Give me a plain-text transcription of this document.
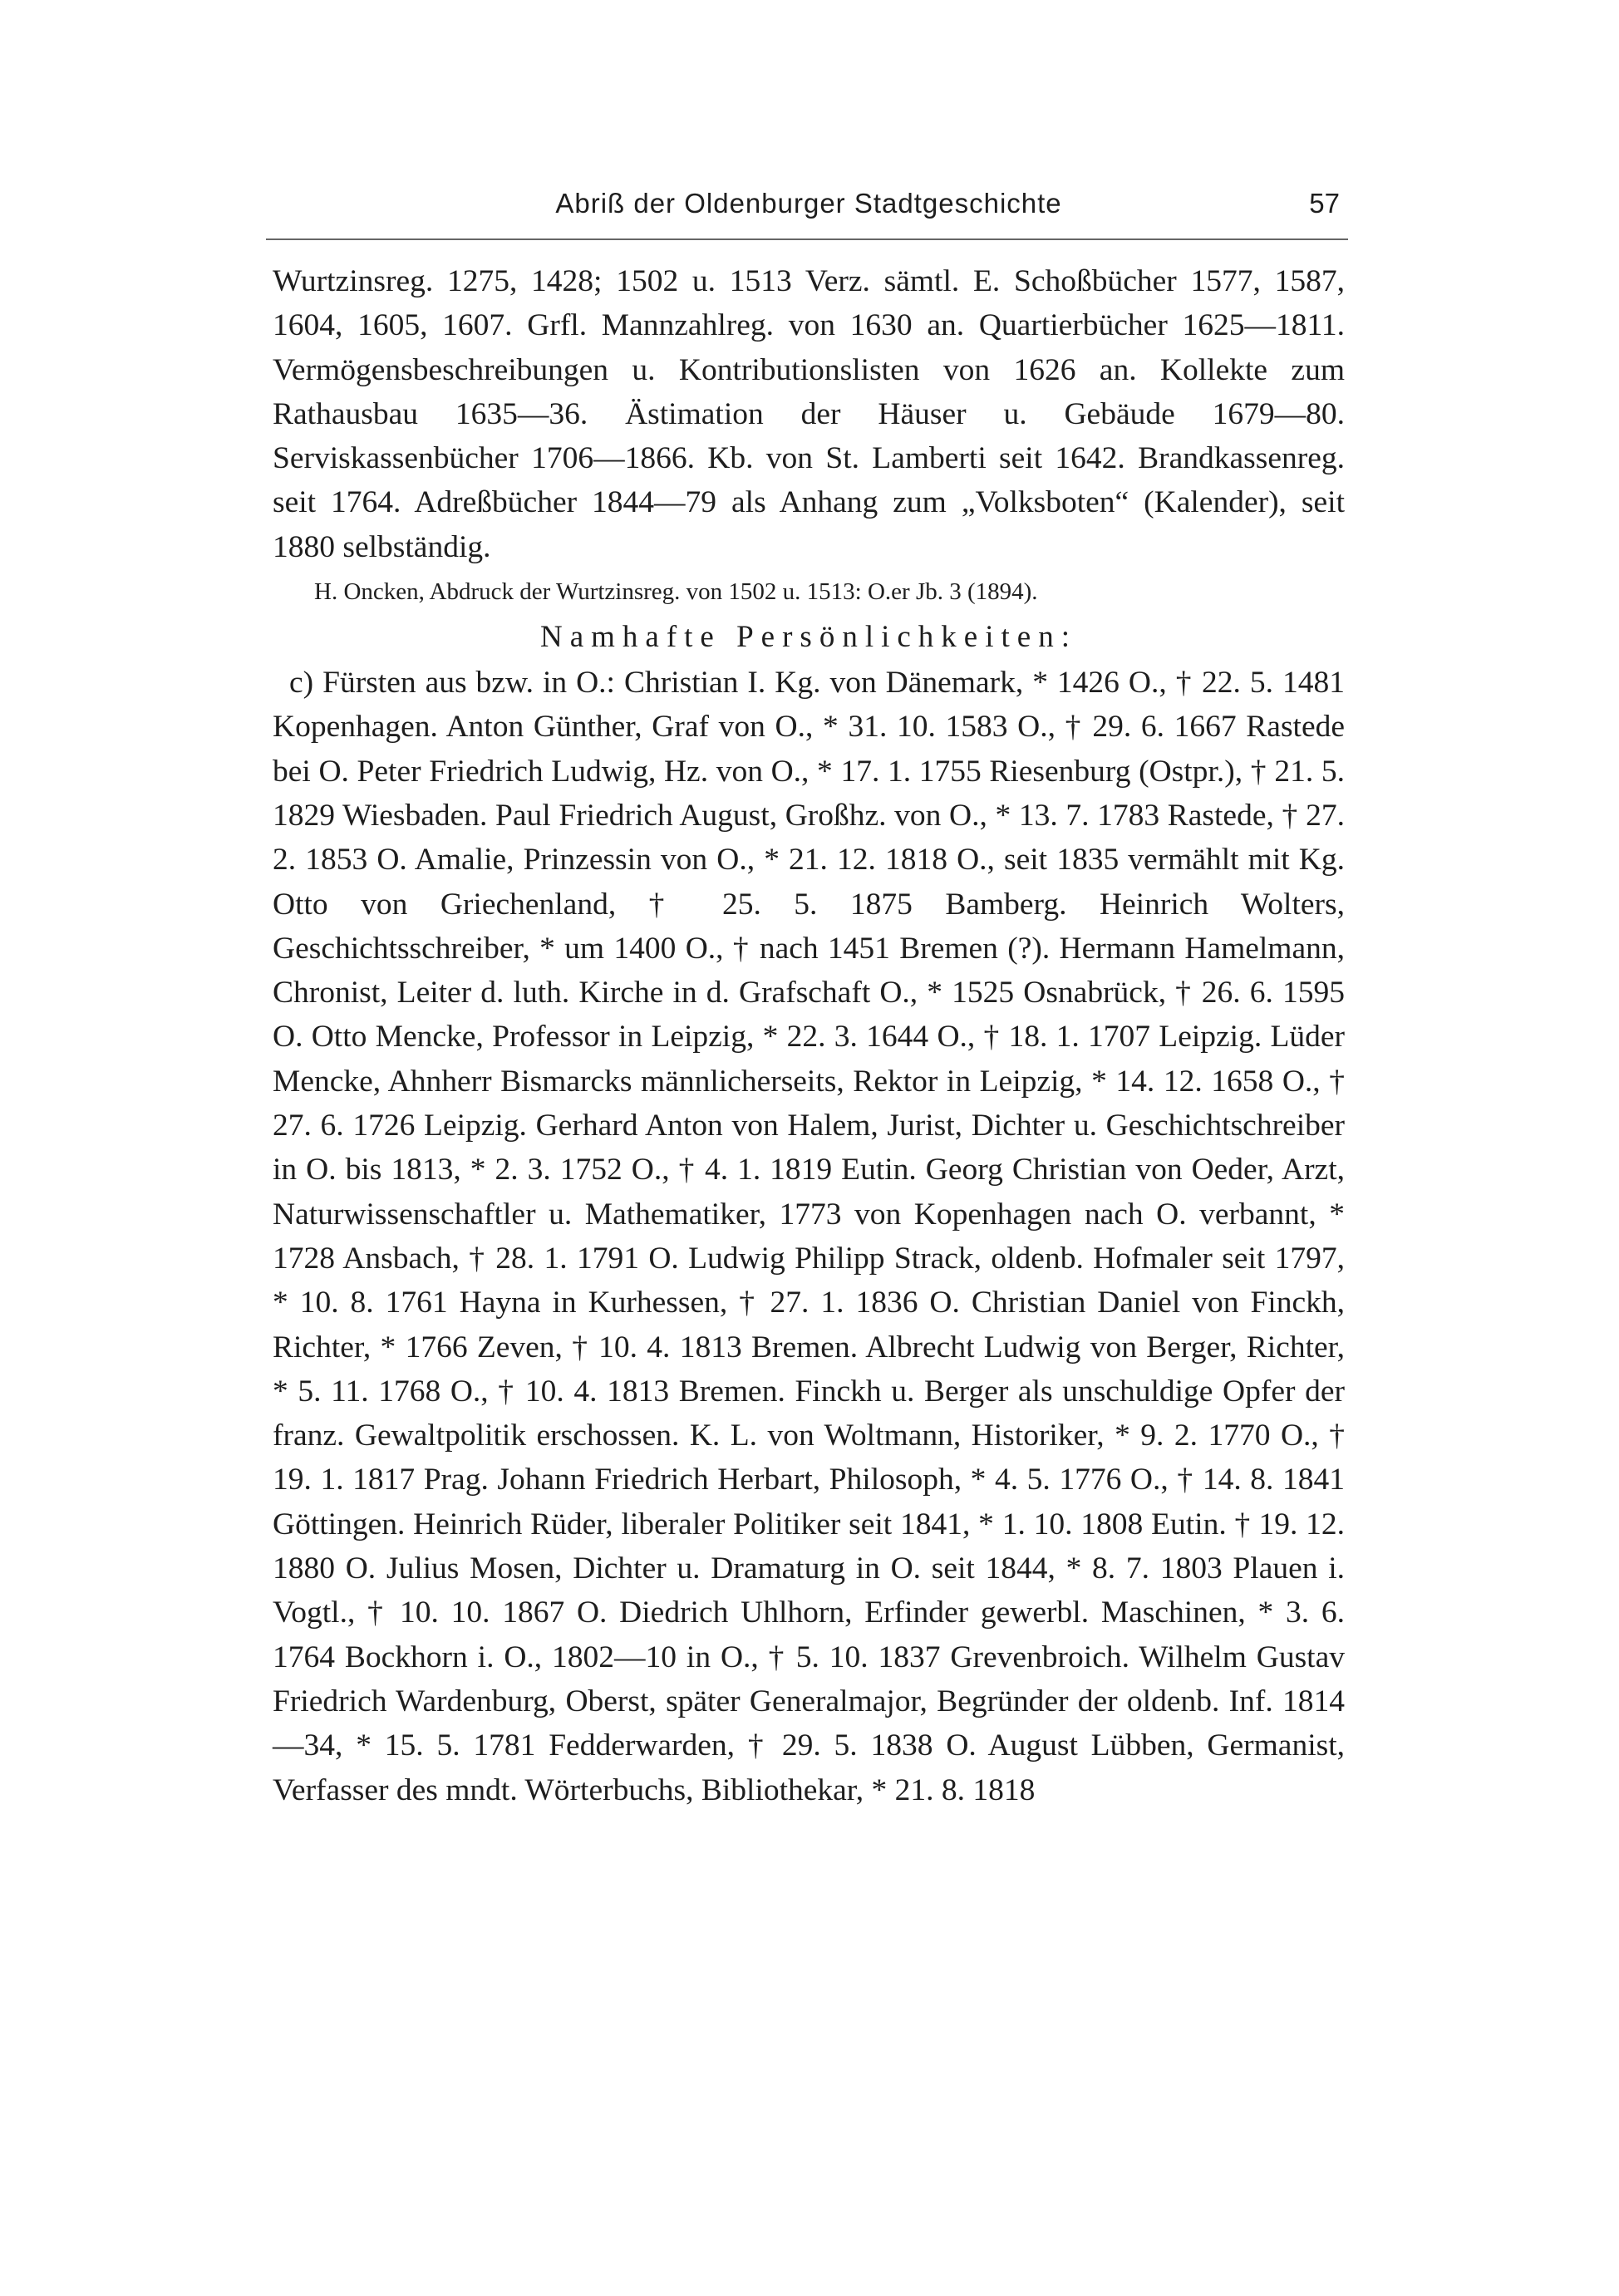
Abriß der Oldenburger Stadtgeschichte	57

Wurtzinsreg. 1275, 1428; 1502 u. 1513 Verz. sämtl. E. Schoßbücher 1577, 1587, 1604, 1605, 1607. Grfl. Mannzahlreg. von 1630 an. Quartierbücher 1625—1811. Vermögensbeschreibungen u. Kontributionslisten von 1626 an. Kollekte zum Rathausbau 1635—36. Ästimation der Häuser u. Gebäude 1679—80. Serviskassenbücher 1706—1866. Kb. von St. Lamberti seit 1642. Brandkassenreg. seit 1764. Adreßbücher 1844—79 als Anhang zum „Volksboten“ (Kalender), seit 1880 selbständig.

H. Oncken, Abdruck der Wurtzinsreg. von 1502 u. 1513: O.er Jb. 3 (1894).

Namhafte Persönlichkeiten:

c) Fürsten aus bzw. in O.: Christian I. Kg. von Dänemark, * 1426 O., † 22. 5. 1481 Kopenhagen. Anton Günther, Graf von O., * 31. 10. 1583 O., † 29. 6. 1667 Rastede bei O. Peter Friedrich Ludwig, Hz. von O., * 17. 1. 1755 Riesenburg (Ostpr.), † 21. 5. 1829 Wiesbaden. Paul Friedrich August, Großhz. von O., * 13. 7. 1783 Rastede, † 27. 2. 1853 O. Amalie, Prinzessin von O., * 21. 12. 1818 O., seit 1835 vermählt mit Kg. Otto von Griechenland, † 25. 5. 1875 Bamberg. Heinrich Wolters, Geschichtsschreiber, * um 1400 O., † nach 1451 Bremen (?). Hermann Hamelmann, Chronist, Leiter d. luth. Kirche in d. Grafschaft O., * 1525 Osnabrück, † 26. 6. 1595 O. Otto Mencke, Professor in Leipzig, * 22. 3. 1644 O., † 18. 1. 1707 Leipzig. Lüder Mencke, Ahnherr Bismarcks männlicherseits, Rektor in Leipzig, * 14. 12. 1658 O., † 27. 6. 1726 Leipzig. Gerhard Anton von Halem, Jurist, Dichter u. Geschichtschreiber in O. bis 1813, * 2. 3. 1752 O., † 4. 1. 1819 Eutin. Georg Christian von Oeder, Arzt, Naturwissenschaftler u. Mathematiker, 1773 von Kopenhagen nach O. verbannt, * 1728 Ansbach, † 28. 1. 1791 O. Ludwig Philipp Strack, oldenb. Hofmaler seit 1797, * 10. 8. 1761 Hayna in Kurhessen, † 27. 1. 1836 O. Christian Daniel von Finckh, Richter, * 1766 Zeven, † 10. 4. 1813 Bremen. Albrecht Ludwig von Berger, Richter, * 5. 11. 1768 O., † 10. 4. 1813 Bremen. Finckh u. Berger als unschuldige Opfer der franz. Gewaltpolitik erschossen. K. L. von Woltmann, Historiker, * 9. 2. 1770 O., † 19. 1. 1817 Prag. Johann Friedrich Herbart, Philosoph, * 4. 5. 1776 O., † 14. 8. 1841 Göttingen. Heinrich Rüder, liberaler Politiker seit 1841, * 1. 10. 1808 Eutin. † 19. 12. 1880 O. Julius Mosen, Dichter u. Dramaturg in O. seit 1844, * 8. 7. 1803 Plauen i. Vogtl., † 10. 10. 1867 O. Diedrich Uhlhorn, Erfinder gewerbl. Maschinen, * 3. 6. 1764 Bockhorn i. O., 1802—10 in O., † 5. 10. 1837 Grevenbroich. Wilhelm Gustav Friedrich Wardenburg, Oberst, später Generalmajor, Begründer der oldenb. Inf. 1814—34, * 15. 5. 1781 Fedderwarden, † 29. 5. 1838 O. August Lübben, Germanist, Verfasser des mndt. Wörterbuchs, Bibliothekar, * 21. 8. 1818
